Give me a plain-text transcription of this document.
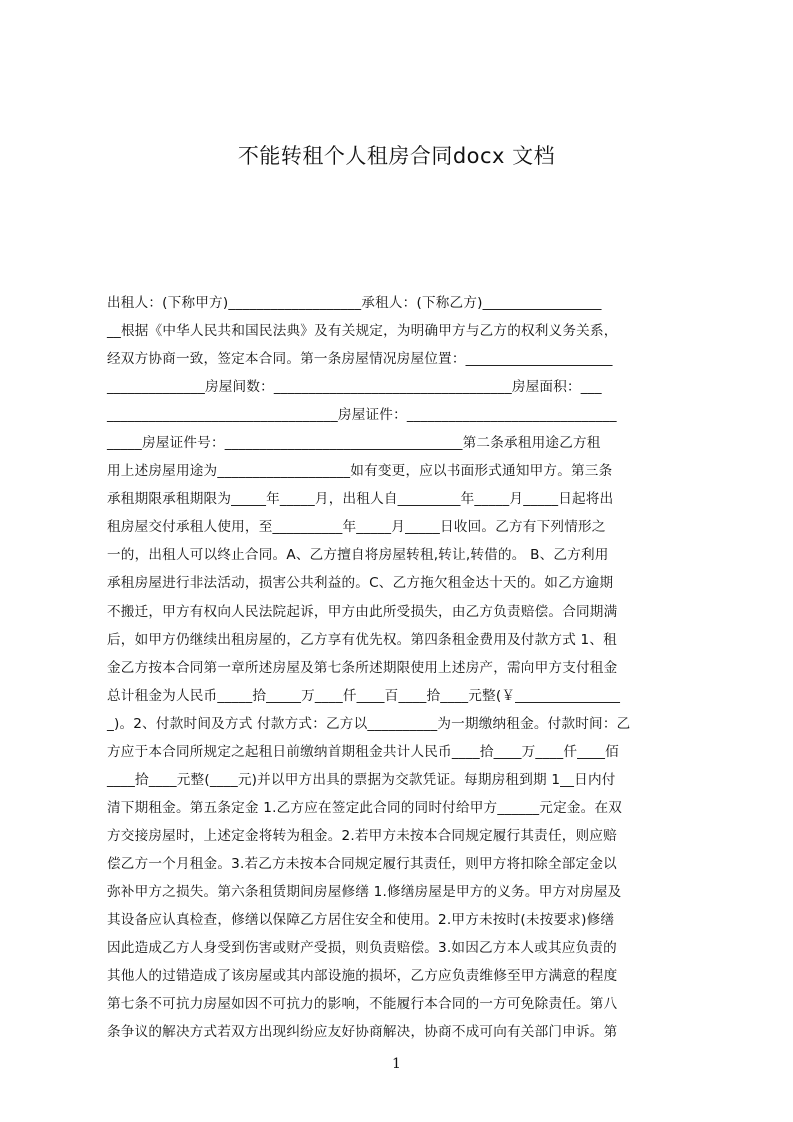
不能转租个人租房合同docx 文档
出租人：(下称甲方)___________________承租人：(下称乙方)_________________
__根据《中华人民共和国民法典》及有关规定，为明确甲方与乙方的权利义务关系，
经双方协商一致，签定本合同。第一条房屋情况房屋位置：_____________________
______________房屋间数：__________________________________房屋面积：___
_________________________________房屋证件：______________________________
_____房屋证件号：__________________________________第二条承租用途乙方租
用上述房屋用途为___________________如有变更，应以书面形式通知甲方。第三条
承租期限承租期限为_____年_____月，出租人自_________年_____月_____日起将出
租房屋交付承租人使用，至__________年_____月_____日收回。乙方有下列情形之
一的，出租人可以终止合同。A、乙方擅自将房屋转租,转让,转借的。 B、乙方利用
承租房屋进行非法活动，损害公共利益的。C、乙方拖欠租金达十天的。如乙方逾期
不搬迁，甲方有权向人民法院起诉，甲方由此所受损失，由乙方负责赔偿。合同期满
后，如甲方仍继续出租房屋的，乙方享有优先权。第四条租金费用及付款方式 1、租
金乙方按本合同第一章所述房屋及第七条所述期限使用上述房产，需向甲方支付租金
总计租金为人民币_____拾_____万____仟____百____拾____元整(￥_______________
_)。2、付款时间及方式 付款方式：乙方以__________为一期缴纳租金。付款时间：乙
方应于本合同所规定之起租日前缴纳首期租金共计人民币____拾____万____仟____佰
____拾____元整(____元)并以甲方出具的票据为交款凭证。每期房租到期 1__日内付
清下期租金。第五条定金 1.乙方应在签定此合同的同时付给甲方______元定金。在双
方交接房屋时，上述定金将转为租金。2.若甲方未按本合同规定履行其责任，则应赔
偿乙方一个月租金。3.若乙方未按本合同规定履行其责任，则甲方将扣除全部定金以
弥补甲方之损失。第六条租赁期间房屋修缮 1.修缮房屋是甲方的义务。甲方对房屋及
其设备应认真检查，修缮以保障乙方居住安全和使用。2.甲方未按时(未按要求)修缮
因此造成乙方人身受到伤害或财产受损，则负责赔偿。3.如因乙方本人或其应负责的
其他人的过错造成了该房屋或其内部设施的损坏，乙方应负责维修至甲方满意的程度
第七条不可抗力房屋如因不可抗力的影响，不能履行本合同的一方可免除责任。第八
条争议的解决方式若双方出现纠纷应友好协商解决，协商不成可向有关部门申诉。第
1
